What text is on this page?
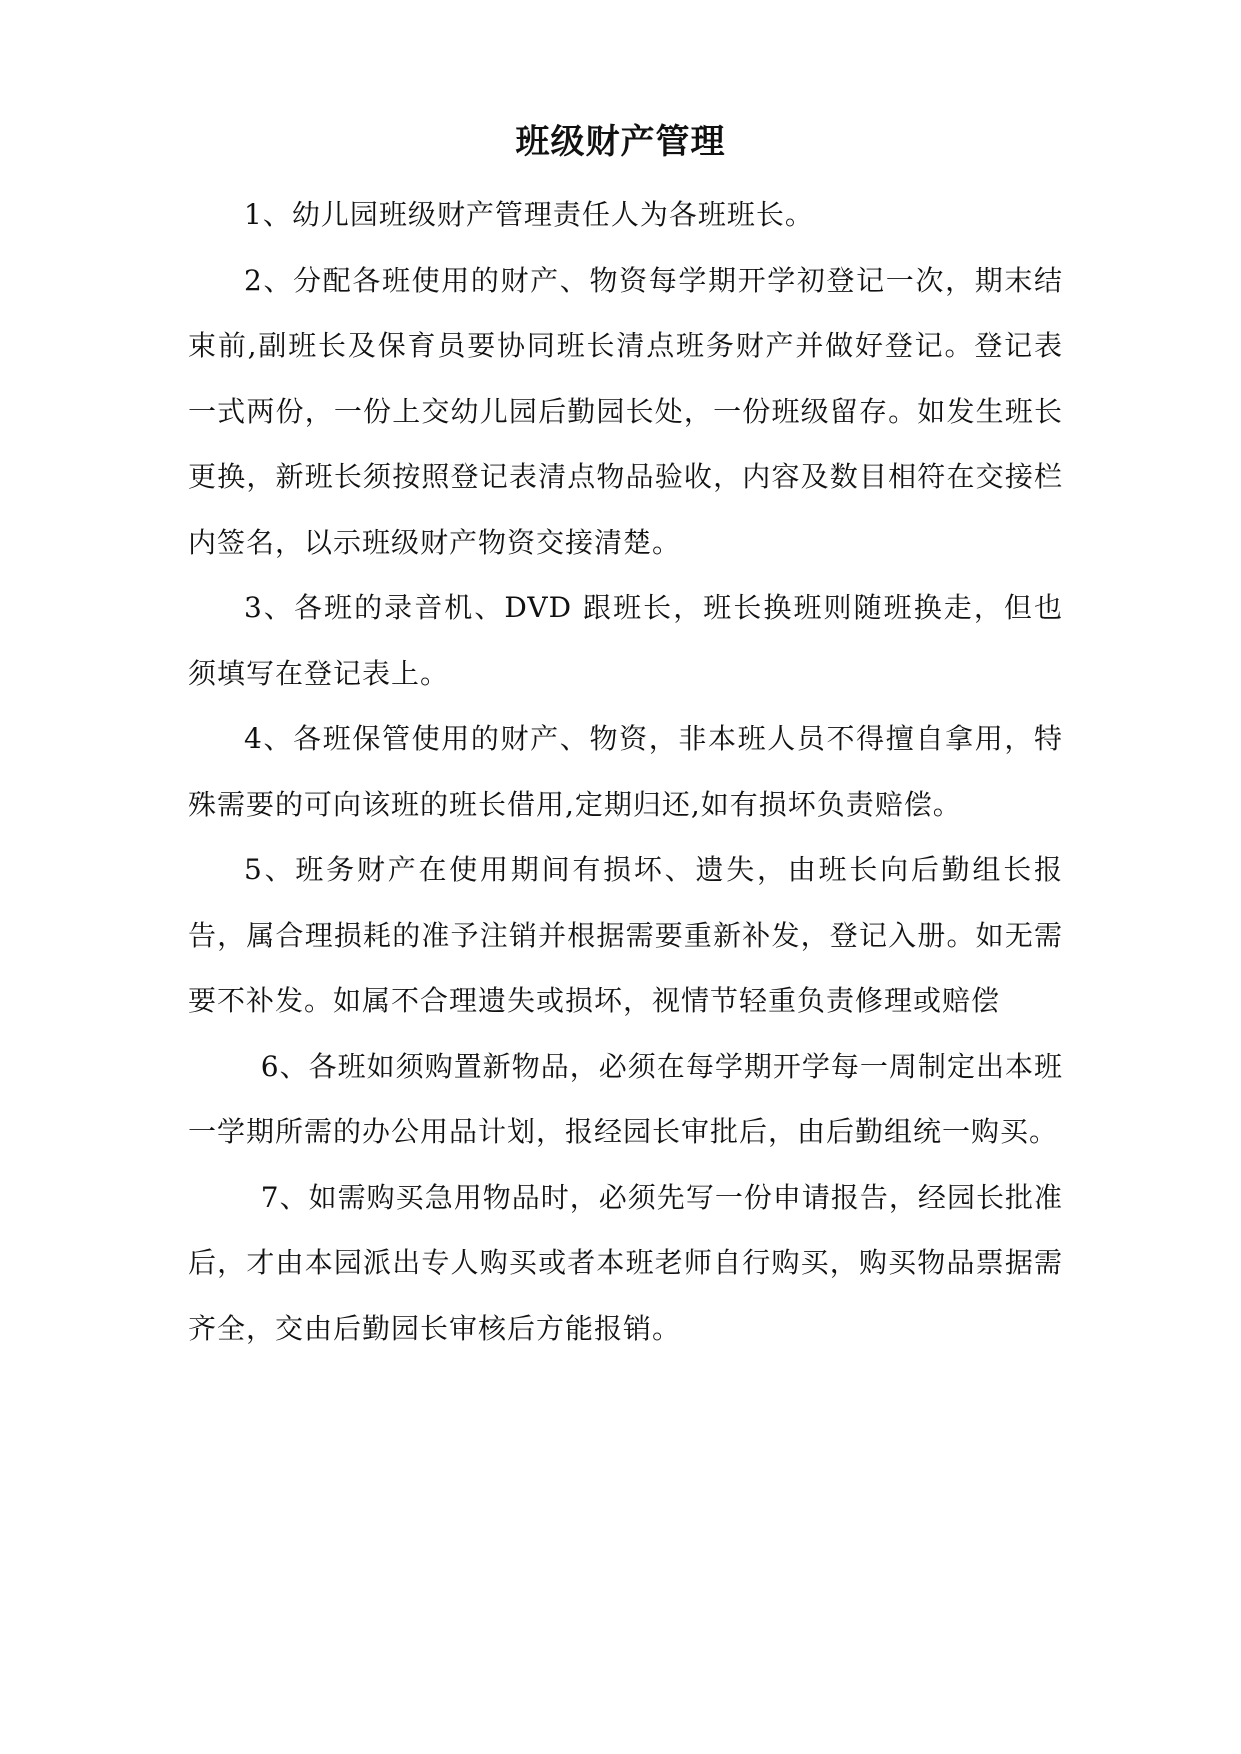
班级财产管理

1、幼儿园班级财产管理责任人为各班班长。

2、分配各班使用的财产、物资每学期开学初登记一次，期末结束前,副班长及保育员要协同班长清点班务财产并做好登记。登记表一式两份，一份上交幼儿园后勤园长处，一份班级留存。如发生班长更换，新班长须按照登记表清点物品验收，内容及数目相符在交接栏内签名，以示班级财产物资交接清楚。

3、各班的录音机、DVD 跟班长，班长换班则随班换走，但也须填写在登记表上。

4、各班保管使用的财产、物资，非本班人员不得擅自拿用，特殊需要的可向该班的班长借用,定期归还,如有损坏负责赔偿。

5、班务财产在使用期间有损坏、遗失，由班长向后勤组长报告，属合理损耗的准予注销并根据需要重新补发，登记入册。如无需要不补发。如属不合理遗失或损坏，视情节轻重负责修理或赔偿

6、各班如须购置新物品，必须在每学期开学每一周制定出本班一学期所需的办公用品计划，报经园长审批后，由后勤组统一购买。

7、如需购买急用物品时，必须先写一份申请报告，经园长批准后，才由本园派出专人购买或者本班老师自行购买，购买物品票据需齐全，交由后勤园长审核后方能报销。
